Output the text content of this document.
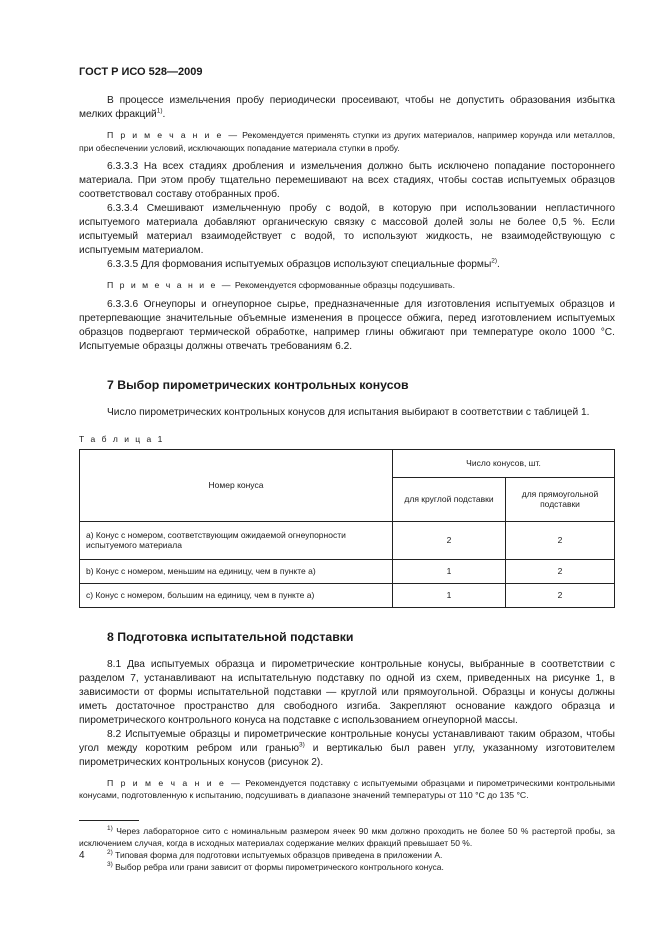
ГОСТ Р ИСО 528—2009

В процессе измельчения пробу периодически просеивают, чтобы не допустить образования избытка мелких фракций$^{1)}$.

П р и м е ч а н и е — Рекомендуется применять ступки из других материалов, например корунда или металлов, при обеспечении условий, исключающих попадание материала ступки в пробу.

6.3.3.3 На всех стадиях дробления и измельчения должно быть исключено попадание постороннего материала. При этом пробу тщательно перемешивают на всех стадиях, чтобы состав испытуемых образцов соответствовал составу отобранных проб.

6.3.3.4 Смешивают измельченную пробу с водой, в которую при использовании непластичного испытуемого материала добавляют органическую связку с массовой долей золы не более 0,5 %. Если испытуемый материал взаимодействует с водой, то используют жидкость, не взаимодействующую с испытуемым материалом.

6.3.3.5 Для формования испытуемых образцов используют специальные формы$^{2)}$.

П р и м е ч а н и е — Рекомендуется сформованные образцы подсушивать.

6.3.3.6 Огнеупоры и огнеупорное сырье, предназначенные для изготовления испытуемых образцов и претерпевающие значительные объемные изменения в процессе обжига, перед изготовлением испытуемых образцов подвергают термической обработке, например глины обжигают при температуре около 1000 °С. Испытуемые образцы должны отвечать требованиям 6.2.

7 Выбор пирометрических контрольных конусов

Число пирометрических контрольных конусов для испытания выбирают в соответствии с таблицей 1.

Т а б л и ц а 1
Номер конуса	Число конусов, шт.	
	для круглой подставки	для прямоугольной подставки
а) Конус с номером, соответствующим ожидаемой огнеупорности испытуемого материала	2	2
b) Конус с номером, меньшим на единицу, чем в пункте а)	1	2
c) Конус с номером, большим на единицу, чем в пункте а)	1	2
8 Подготовка испытательной подставки

8.1 Два испытуемых образца и пирометрические контрольные конусы, выбранные в соответствии с разделом 7, устанавливают на испытательную подставку по одной из схем, приведенных на рисунке 1, в зависимости от формы испытательной подставки — круглой или прямоугольной. Образцы и конусы должны иметь достаточное пространство для свободного изгиба. Закрепляют основание каждого образца и пирометрического контрольного конуса на подставке с использованием огнеупорной массы.

8.2 Испытуемые образцы и пирометрические контрольные конусы устанавливают таким образом, чтобы угол между коротким ребром или гранью$^{3)}$ и вертикалью был равен углу, указанному изготовителем пирометрических контрольных конусов (рисунок 2).

П р и м е ч а н и е — Рекомендуется подставку с испытуемыми образцами и пирометрическими контрольными конусами, подготовленную к испытанию, подсушивать в диапазоне значений температуры от 110 °С до 135 °С.

$^{1)}$ Через лабораторное сито с номинальным размером ячеек 90 мкм должно проходить не более 50 % растертой пробы, за исключением случая, когда в исходных материалах содержание мелких фракций превышает 50 %.
$^{2)}$ Типовая форма для подготовки испытуемых образцов приведена в приложении А.
$^{3)}$ Выбор ребра или грани зависит от формы пирометрического контрольного конуса.
4
